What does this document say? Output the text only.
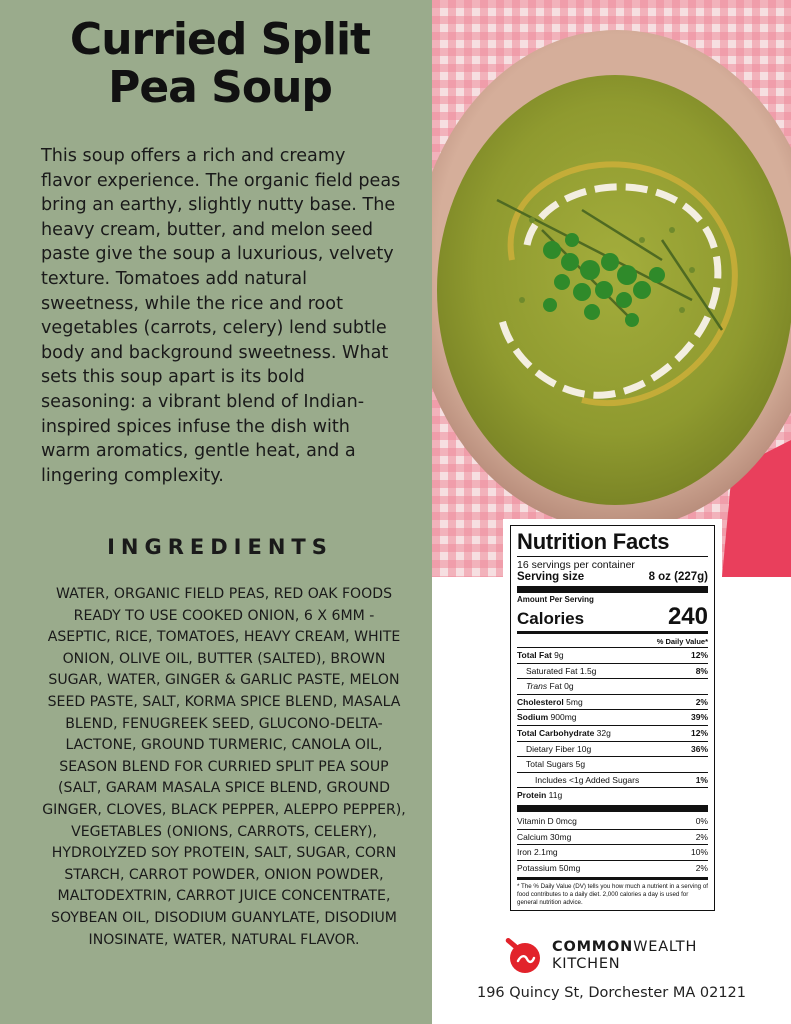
Curried Split Pea Soup

This soup offers a rich and creamy flavor experience. The organic field peas bring an earthy, slightly nutty base. The heavy cream, butter, and melon seed paste give the soup a luxurious, velvety texture. Tomatoes add natural sweetness, while the rice and root vegetables (carrots, celery) lend subtle body and background sweetness. What sets this soup apart is its bold seasoning: a vibrant blend of Indian-inspired spices infuse the dish with warm aromatics, gentle heat, and a lingering complexity.

INGREDIENTS

WATER, ORGANIC FIELD PEAS, RED OAK FOODS READY TO USE COOKED ONION, 6 X 6MM - ASEPTIC, RICE, TOMATOES, HEAVY CREAM, WHITE ONION, OLIVE OIL, BUTTER (SALTED), BROWN SUGAR, WATER, GINGER & GARLIC PASTE, MELON SEED PASTE, SALT, KORMA SPICE BLEND, MASALA BLEND, FENUGREEK SEED, GLUCONO-DELTA-LACTONE, GROUND TURMERIC, CANOLA OIL, SEASON BLEND FOR CURRIED SPLIT PEA SOUP (SALT, GARAM MASALA SPICE BLEND, GROUND GINGER, CLOVES, BLACK PEPPER, ALEPPO PEPPER), VEGETABLES (ONIONS, CARROTS, CELERY), HYDROLYZED SOY PROTEIN, SALT, SUGAR, CORN STARCH, CARROT POWDER, ONION POWDER, MALTODEXTRIN, CARROT JUICE CONCENTRATE, SOYBEAN OIL, DISODIUM GUANYLATE, DISODIUM INOSINATE, WATER, NATURAL FLAVOR.

Nutrition Facts
16 servings per container
Serving size	8 oz (227g)
Amount Per Serving
Calories	240
% Daily Value*
Total Fat 9g	12%
Saturated Fat 1.5g	8%
Trans Fat 0g
Cholesterol 5mg	2%
Sodium 900mg	39%
Total Carbohydrate 32g	12%
Dietary Fiber 10g	36%
Total Sugars 5g
Includes <1g Added Sugars	1%
Protein 11g
Vitamin D 0mcg	0%
Calcium 30mg	2%
Iron 2.1mg	10%
Potassium 50mg	2%
* The % Daily Value (DV) tells you how much a nutrient in a serving of food contributes to a daily diet. 2,000 calories a day is used for general nutrition advice.
COMMONWEALTH
KITCHEN
196 Quincy St, Dorchester MA 02121
